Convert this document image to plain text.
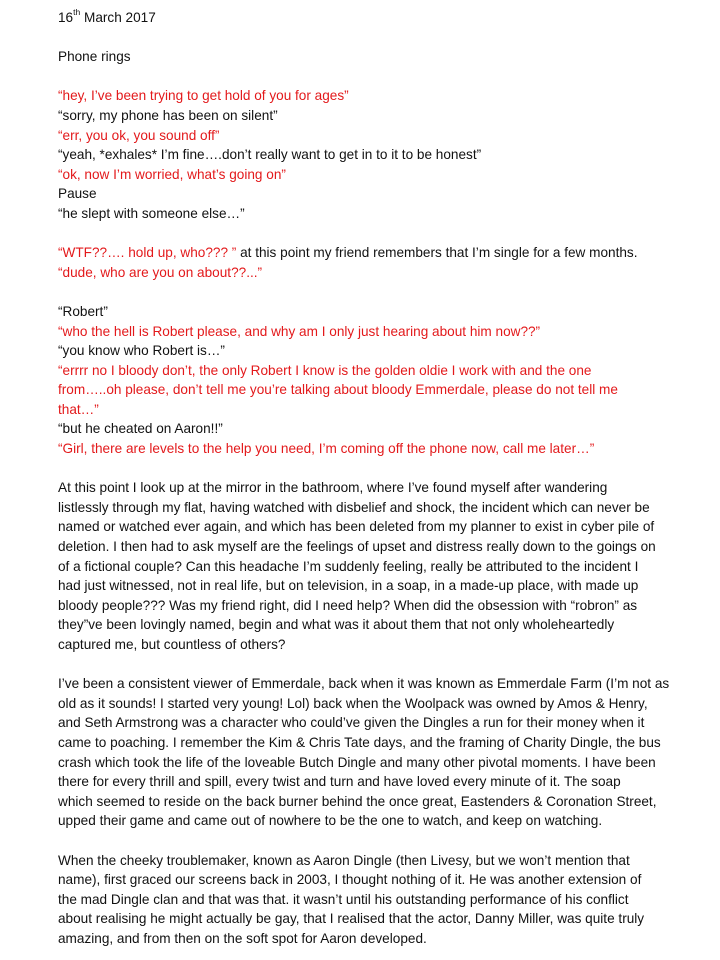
16th March 2017
Phone rings
“hey, I’ve been trying to get hold of you for ages”
“sorry, my phone has been on silent”
“err, you ok, you sound off”
“yeah, *exhales* I’m fine….don’t really want to get in to it to be honest”
“ok, now I’m worried, what’s going on”
Pause
“he slept with someone else…”
“WTF??…. hold up, who??? ” at this point my friend remembers that I’m single for a few months.
“dude, who are you on about??...”
“Robert”
“who the hell is Robert please, and why am I only just hearing about him now??”
“you know who Robert is…”
“errrr no I bloody don’t, the only Robert I know is the golden oldie I work with and the one
from…..oh please, don’t tell me you’re talking about bloody Emmerdale, please do not tell me
that…”
“but he cheated on Aaron!!”
“Girl, there are levels to the help you need, I’m coming off the phone now, call me later…”
At this point I look up at the mirror in the bathroom, where I’ve found myself after wandering
listlessly through my flat, having watched with disbelief and shock, the incident which can never be
named or watched ever again, and which has been deleted from my planner to exist in cyber pile of
deletion. I then had to ask myself are the feelings of upset and distress really down to the goings on
of a fictional couple? Can this headache I’m suddenly feeling, really be attributed to the incident I
had just witnessed, not in real life, but on television, in a soap, in a made-up place, with made up
bloody people??? Was my friend right, did I need help? When did the obsession with “robron” as
they”ve been lovingly named, begin and what was it about them that not only wholeheartedly
captured me, but countless of others?
I’ve been a consistent viewer of Emmerdale, back when it was known as Emmerdale Farm (I’m not as
old as it sounds! I started very young! Lol) back when the Woolpack was owned by Amos & Henry,
and Seth Armstrong was a character who could’ve given the Dingles a run for their money when it
came to poaching. I remember the Kim & Chris Tate days, and the framing of Charity Dingle, the bus
crash which took the life of the loveable Butch Dingle and many other pivotal moments. I have been
there for every thrill and spill, every twist and turn and have loved every minute of it. The soap
which seemed to reside on the back burner behind the once great, Eastenders & Coronation Street,
upped their game and came out of nowhere to be the one to watch, and keep on watching.
When the cheeky troublemaker, known as Aaron Dingle (then Livesy, but we won’t mention that
name), first graced our screens back in 2003, I thought nothing of it. He was another extension of
the mad Dingle clan and that was that. it wasn’t until his outstanding performance of his conflict
about realising he might actually be gay, that I realised that the actor, Danny Miller, was quite truly
amazing, and from then on the soft spot for Aaron developed.
